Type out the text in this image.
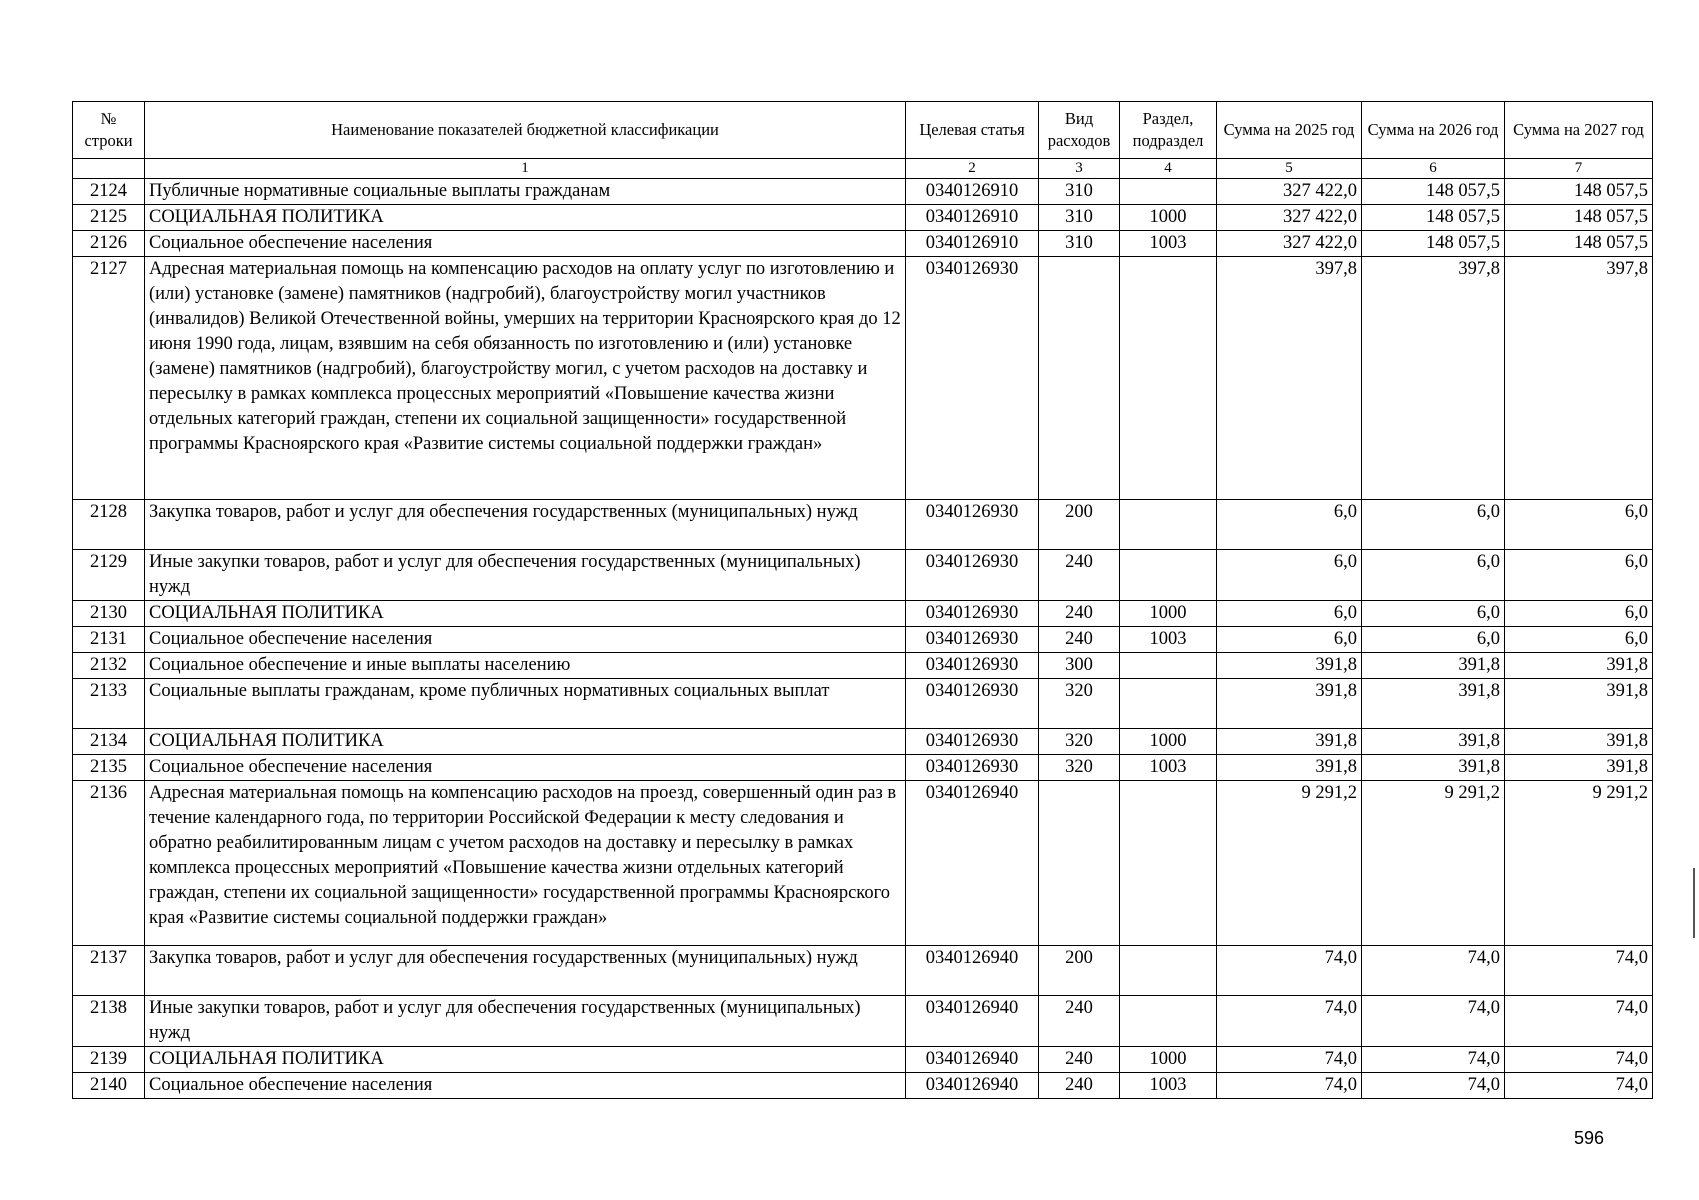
№ строки	Наименование показателей бюджетной классификации	Целевая статья	Вид расходов	Раздел, подраздел	Сумма на 2025 год	Сумма на 2026 год	Сумма на 2027 год
	1	2	3	4	5	6	7
2124	Публичные нормативные социальные выплаты гражданам	0340126910	310		327 422,0	148 057,5	148 057,5
2125	СОЦИАЛЬНАЯ ПОЛИТИКА	0340126910	310	1000	327 422,0	148 057,5	148 057,5
2126	Социальное обеспечение населения	0340126910	310	1003	327 422,0	148 057,5	148 057,5
2127	Адресная материальная помощь на компенсацию расходов на оплату услуг по изготовлению и (или) установке (замене) памятников (надгробий), благоустройству могил участников (инвалидов) Великой Отечественной войны, умерших на территории Красноярского края до 12 июня 1990 года, лицам, взявшим на себя обязанность по изготовлению и (или) установке (замене) памятников (надгробий), благоустройству могил, с учетом расходов на доставку и пересылку в рамках комплекса процессных мероприятий «Повышение качества жизни отдельных категорий граждан, степени их социальной защищенности» государственной программы Красноярского края «Развитие системы социальной поддержки граждан»	0340126930			397,8	397,8	397,8
2128	Закупка товаров, работ и услуг для обеспечения государственных (муниципальных) нужд	0340126930	200		6,0	6,0	6,0
2129	Иные закупки товаров, работ и услуг для обеспечения государственных (муниципальных) нужд	0340126930	240		6,0	6,0	6,0
2130	СОЦИАЛЬНАЯ ПОЛИТИКА	0340126930	240	1000	6,0	6,0	6,0
2131	Социальное обеспечение населения	0340126930	240	1003	6,0	6,0	6,0
2132	Социальное обеспечение и иные выплаты населению	0340126930	300		391,8	391,8	391,8
2133	Социальные выплаты гражданам, кроме публичных нормативных социальных выплат	0340126930	320		391,8	391,8	391,8
2134	СОЦИАЛЬНАЯ ПОЛИТИКА	0340126930	320	1000	391,8	391,8	391,8
2135	Социальное обеспечение населения	0340126930	320	1003	391,8	391,8	391,8
2136	Адресная материальная помощь на компенсацию расходов на проезд, совершенный один раз в течение календарного года, по территории Российской Федерации к месту следования и обратно реабилитированным лицам с учетом расходов на доставку и пересылку в рамках комплекса процессных мероприятий «Повышение качества жизни отдельных категорий граждан, степени их социальной защищенности» государственной программы Красноярского края «Развитие системы социальной поддержки граждан»	0340126940			9 291,2	9 291,2	9 291,2
2137	Закупка товаров, работ и услуг для обеспечения государственных (муниципальных) нужд	0340126940	200		74,0	74,0	74,0
2138	Иные закупки товаров, работ и услуг для обеспечения государственных (муниципальных) нужд	0340126940	240		74,0	74,0	74,0
2139	СОЦИАЛЬНАЯ ПОЛИТИКА	0340126940	240	1000	74,0	74,0	74,0
2140	Социальное обеспечение населения	0340126940	240	1003	74,0	74,0	74,0
596
